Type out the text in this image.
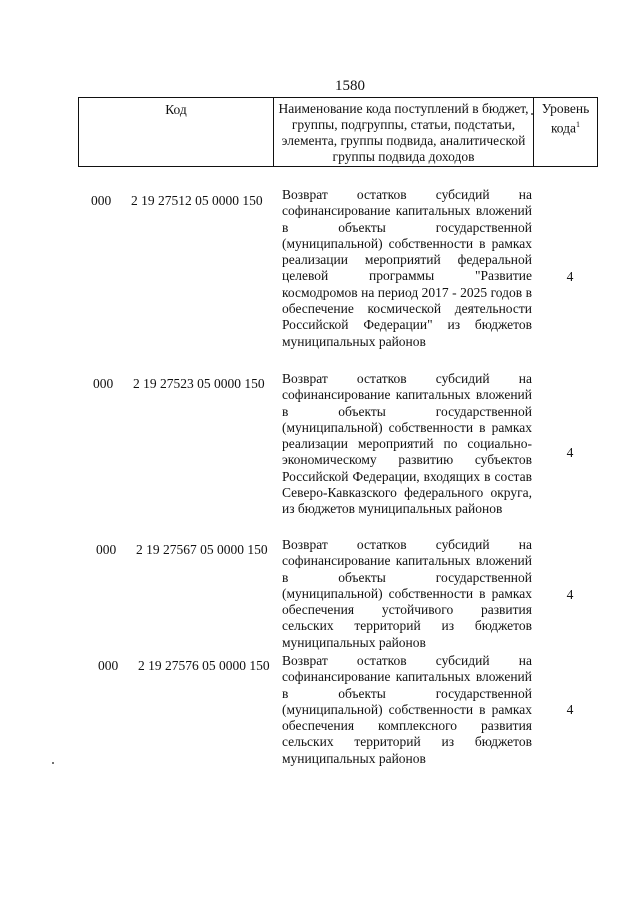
1580
Код	Наименование кода поступлений в бюджет, группы, подгруппы, статьи, подстатьи, элемента, группы подвида, аналитической группы подвида доходов
Уровень кода$^1$
000 2 19 27512 05 0000 150 Возврат остатков субсидий на софинансирование капитальных вложений в объекты государственной (муниципальной) собственности в рамках реализации мероприятий федеральной целевой программы "Развитие космодромов на период 2017 - 2025 годов в обеспечение космической деятельности Российской Федерации" из бюджетов муниципальных районов
4
000 2 19 27523 05 0000 150 Возврат остатков субсидий на софинансирование капитальных вложений в объекты государственной (муниципальной) собственности в рамках реализации мероприятий по социально-экономическому развитию субъектов Российской Федерации, входящих в состав Северо-Кавказского федерального округа, из бюджетов муниципальных районов
4
000 2 19 27567 05 0000 150 Возврат остатков субсидий на софинансирование капитальных вложений в объекты государственной (муниципальной) собственности в рамках обеспечения устойчивого развития сельских территорий из бюджетов муниципальных районов
4
000 2 19 27576 05 0000 150 Возврат остатков субсидий на софинансирование капитальных вложений в объекты государственной (муниципальной) собственности в рамках обеспечения комплексного развития сельских территорий из бюджетов муниципальных районов
4
